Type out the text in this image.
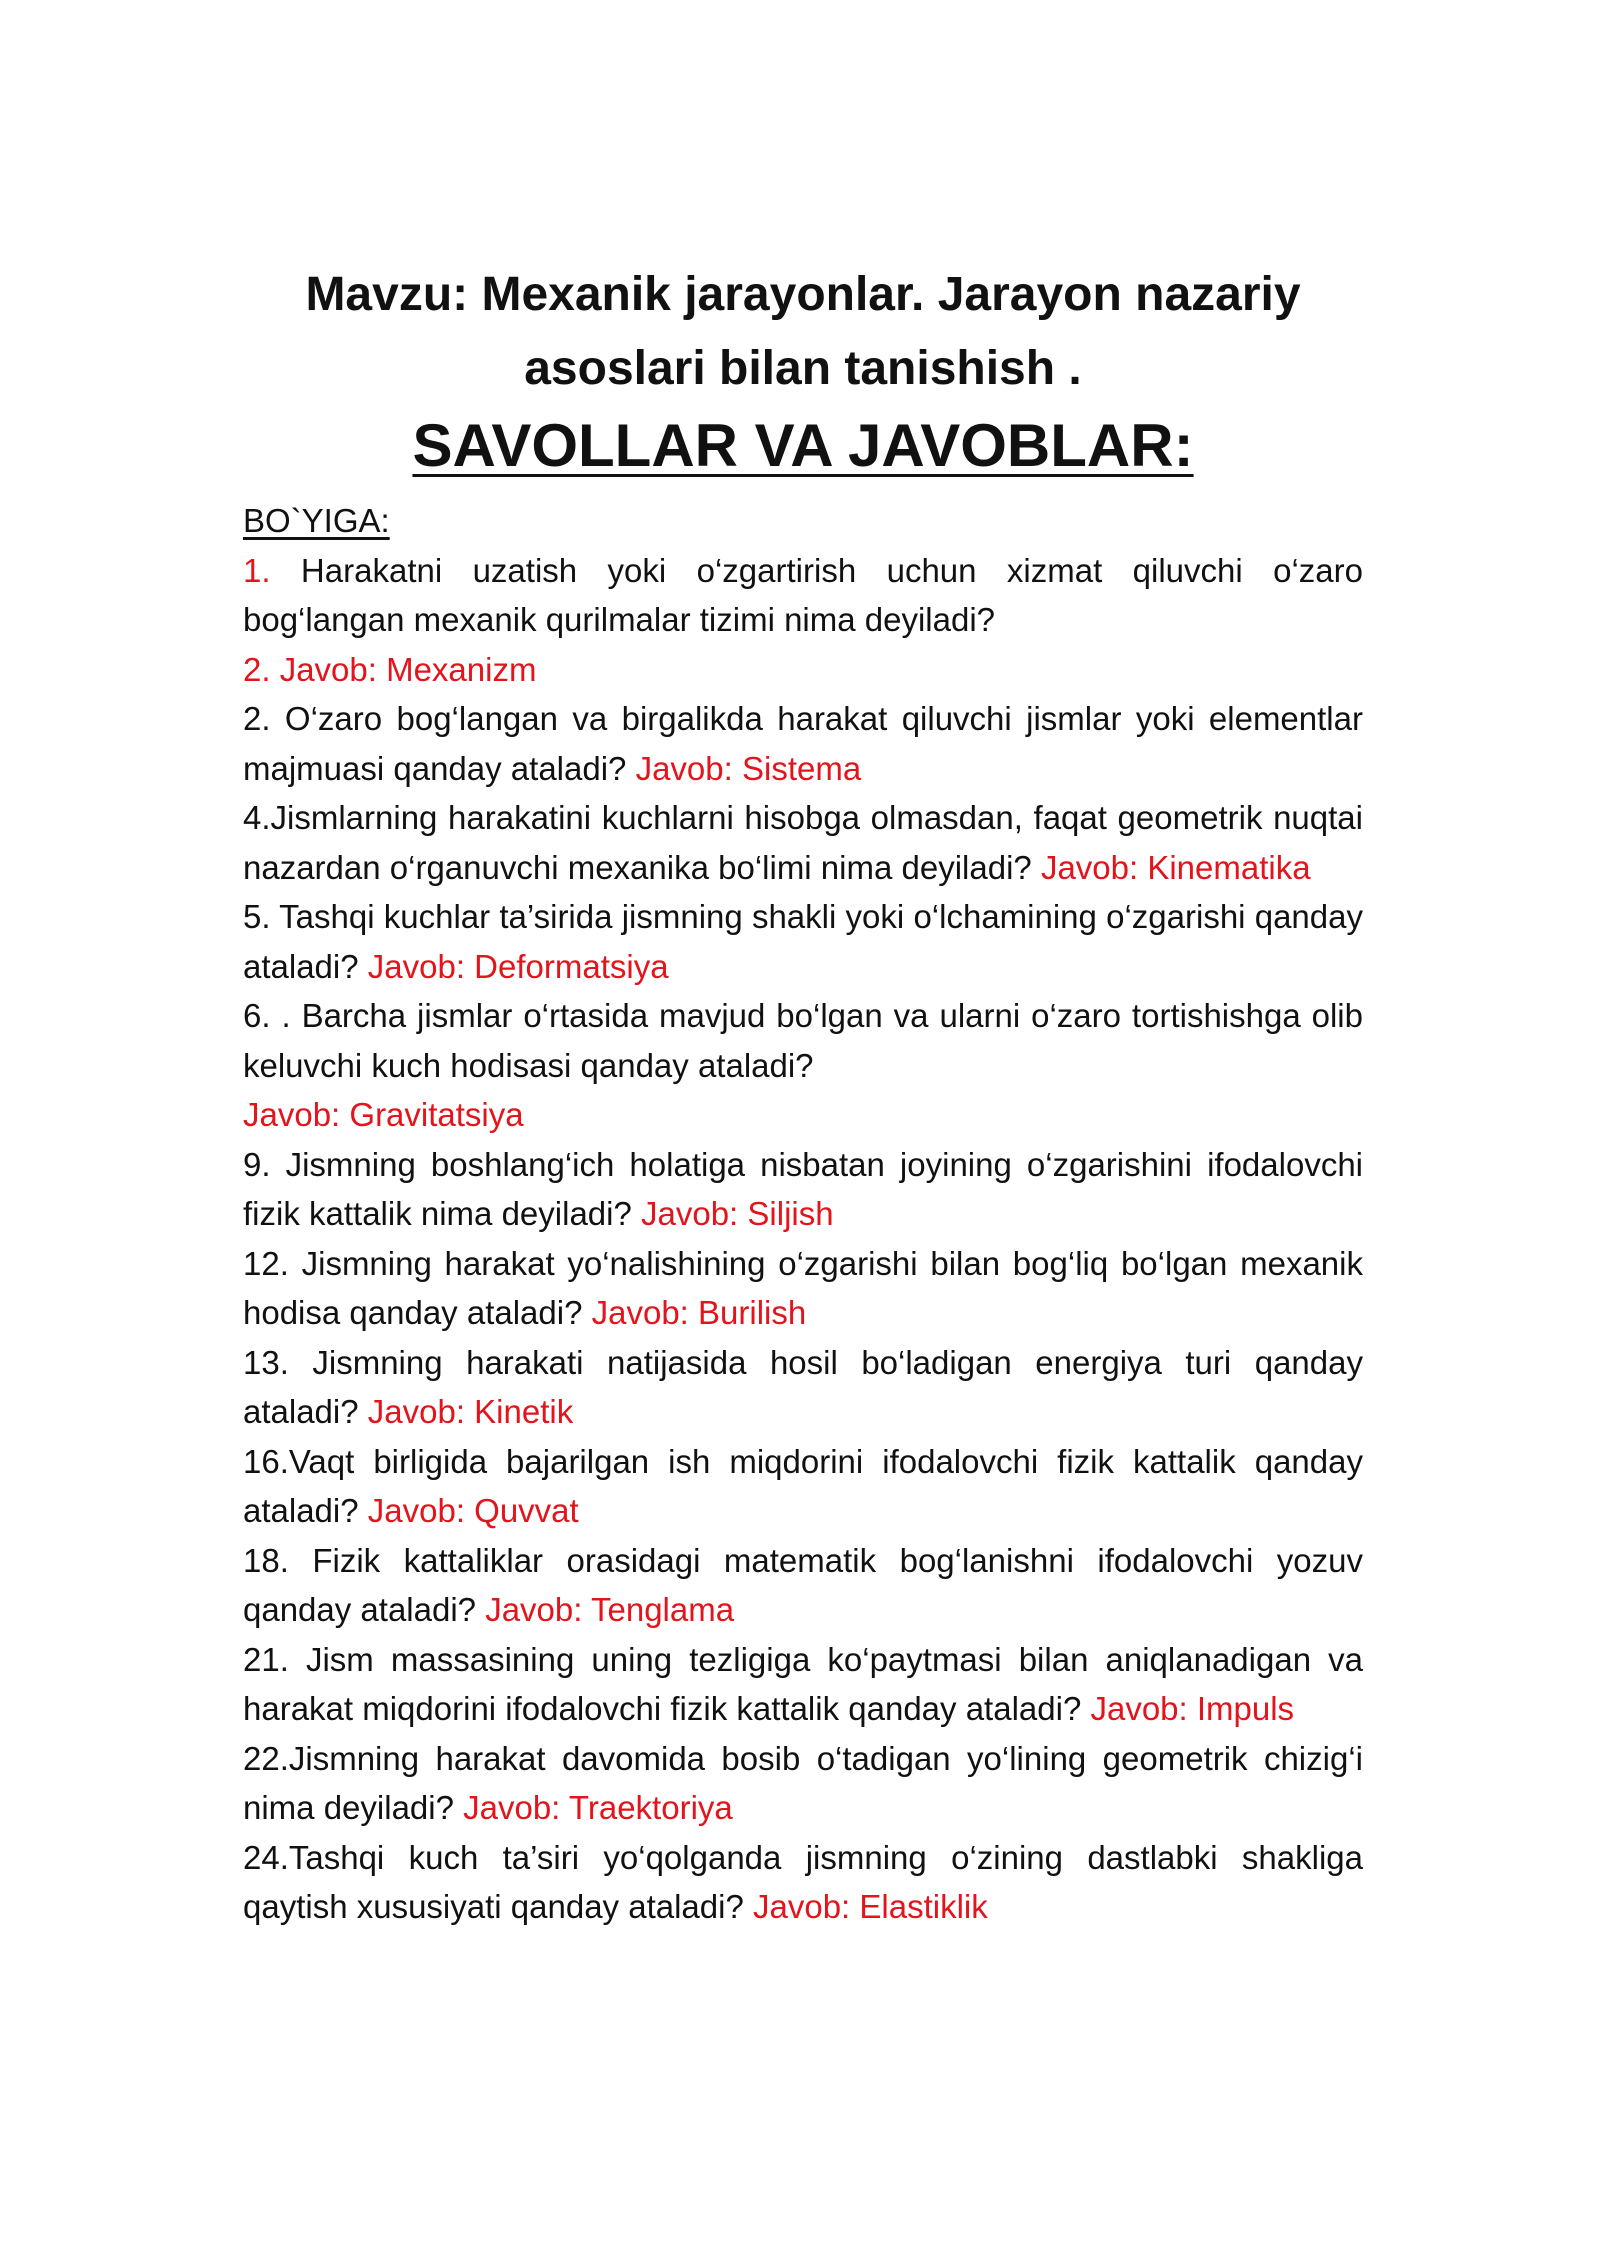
Mavzu: Mexanik jarayonlar. Jarayon nazariy asoslari bilan tanishish .
SAVOLLAR VA JAVOBLAR:

BO`YIGA:

1. Harakatni uzatish yoki o‘zgartirish uchun xizmat qiluvchi o‘zaro bog‘langan mexanik qurilmalar tizimi nima deyiladi?
2. Javob: Mexanizm
2. O‘zaro bog‘langan va birgalikda harakat qiluvchi jismlar yoki elementlar majmuasi qanday ataladi? Javob: Sistema
4.Jismlarning harakatini kuchlarni hisobga olmasdan, faqat geometrik nuqtai nazardan o‘rganuvchi mexanika bo‘limi nima deyiladi? Javob: Kinematika
5. Tashqi kuchlar ta’sirida jismning shakli yoki o‘lchamining o‘zgarishi qanday ataladi? Javob: Deformatsiya
6. . Barcha jismlar o‘rtasida mavjud bo‘lgan va ularni o‘zaro tortishishga olib keluvchi kuch hodisasi qanday ataladi?
Javob: Gravitatsiya
9. Jismning boshlang‘ich holatiga nisbatan joyining o‘zgarishini ifodalovchi fizik kattalik nima deyiladi? Javob: Siljish
12. Jismning harakat yo‘nalishining o‘zgarishi bilan bog‘liq bo‘lgan mexanik hodisa qanday ataladi? Javob: Burilish
13. Jismning harakati natijasida hosil bo‘ladigan energiya turi qanday ataladi? Javob: Kinetik
16.Vaqt birligida bajarilgan ish miqdorini ifodalovchi fizik kattalik qanday ataladi? Javob: Quvvat
18. Fizik kattaliklar orasidagi matematik bog‘lanishni ifodalovchi yozuv qanday ataladi? Javob: Tenglama
21. Jism massasining uning tezligiga ko‘paytmasi bilan aniqlanadigan va harakat miqdorini ifodalovchi fizik kattalik qanday ataladi? Javob: Impuls
22.Jismning harakat davomida bosib o‘tadigan yo‘lining geometrik chizig‘i nima deyiladi? Javob: Traektoriya
24.Tashqi kuch ta’siri yo‘qolganda jismning o‘zining dastlabki shakliga qaytish xususiyati qanday ataladi? Javob: Elastiklik
